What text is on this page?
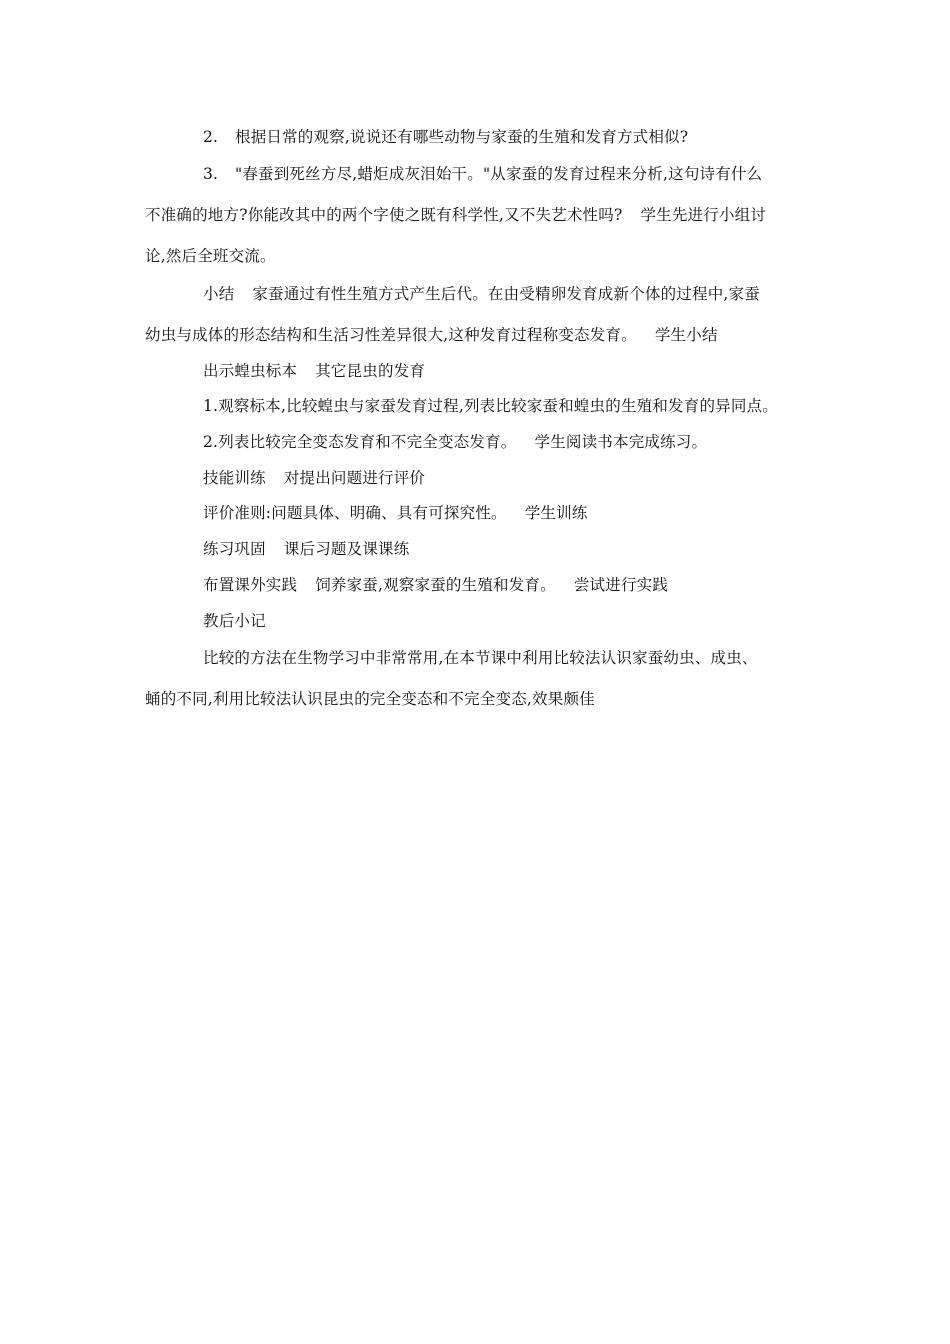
2. 根据日常的观察,说说还有哪些动物与家蚕的生殖和发育方式相似?
3. "春蚕到死丝方尽,蜡炬成灰泪始干。"从家蚕的发育过程来分析,这句诗有什么
不准确的地方?你能改其中的两个字使之既有科学性,又不失艺术性吗? 学生先进行小组讨
论,然后全班交流。
小结 家蚕通过有性生殖方式产生后代。在由受精卵发育成新个体的过程中,家蚕
幼虫与成体的形态结构和生活习性差异很大,这种发育过程称变态发育。 学生小结
出示蝗虫标本 其它昆虫的发育
1.观察标本,比较蝗虫与家蚕发育过程,列表比较家蚕和蝗虫的生殖和发育的异同点。
2.列表比较完全变态发育和不完全变态发育。 学生阅读书本完成练习。
技能训练 对提出问题进行评价
评价准则:问题具体、明确、具有可探究性。 学生训练
练习巩固 课后习题及课课练
布置课外实践 饲养家蚕,观察家蚕的生殖和发育。 尝试进行实践
教后小记
比较的方法在生物学习中非常常用,在本节课中利用比较法认识家蚕幼虫、成虫、
蛹的不同,利用比较法认识昆虫的完全变态和不完全变态,效果颇佳
